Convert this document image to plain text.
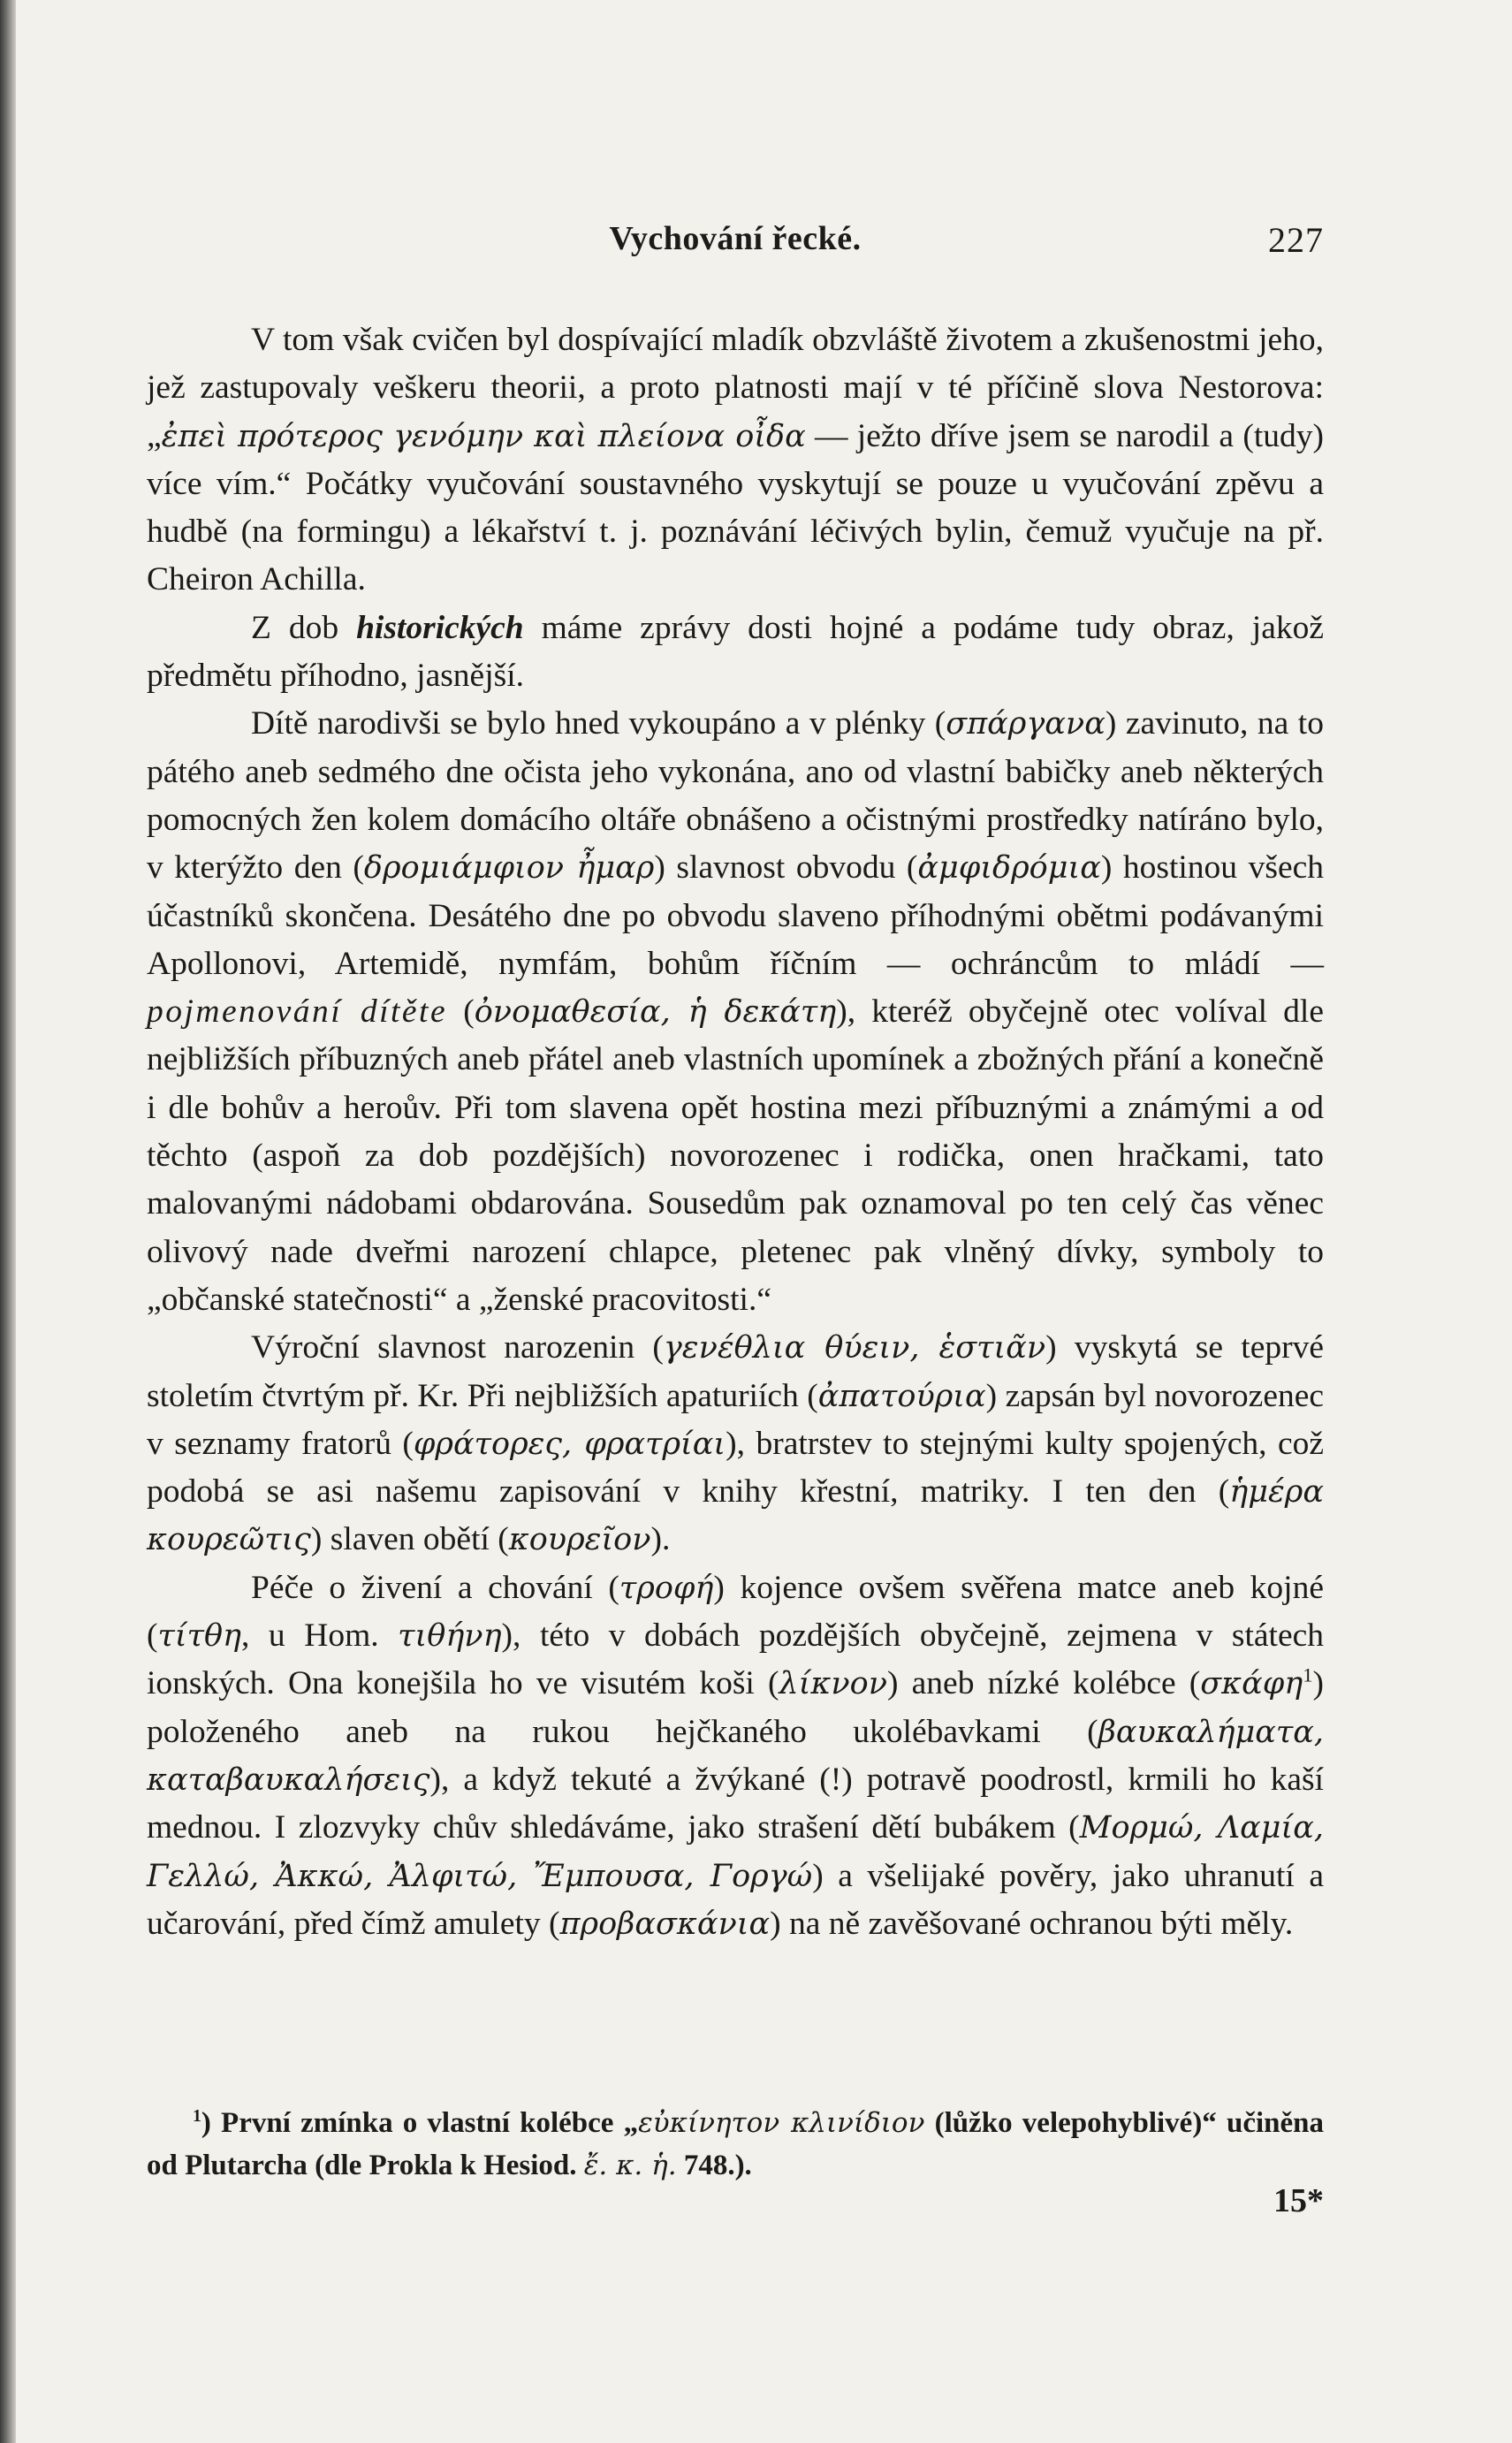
Vychování řecké.	227

V tom však cvičen byl dospívající mladík obzvláště životem a zkušenostmi jeho, jež zastupovaly veškeru theorii, a proto platnosti mají v té příčině slova Nestorova: „ἐπεὶ πρότερος γενόμην καὶ πλείονα οἶδα — ježto dříve jsem se narodil a (tudy) více vím.“ Počátky vyučování soustavného vyskytují se pouze u vyučování zpěvu a hudbě (na formingu) a lékařství t. j. poznávání léčivých bylin, čemuž vyučuje na př. Cheiron Achilla.

Z dob historických máme zprávy dosti hojné a podáme tudy obraz, jakož předmětu příhodno, jasnější.

Dítě narodivši se bylo hned vykoupáno a v plénky (σπάργανα) zavinuto, na to pátého aneb sedmého dne očista jeho vykonána, ano od vlastní babičky aneb některých pomocných žen kolem domácího oltáře obnášeno a očistnými prostředky natíráno bylo, v kterýžto den (δρομιάμφιον ἦμαρ) slavnost obvodu (ἀμφιδρόμια) hostinou všech účastníků skončena. Desátého dne po obvodu slaveno příhodnými obětmi podávanými Apollonovi, Artemidě, nymfám, bohům říčním — ochráncům to mládí — pojmenování dítěte (ὀνομαθεσία, ἡ δεκάτη), kteréž obyčejně otec volíval dle nejbližších příbuzných aneb přátel aneb vlastních upomínek a zbožných přání a konečně i dle bohův a heroův. Při tom slavena opět hostina mezi příbuznými a známými a od těchto (aspoň za dob pozdějších) novorozenec i rodička, onen hračkami, tato malovanými nádobami obdarována. Sousedům pak oznamoval po ten celý čas věnec olivový nade dveřmi narození chlapce, pletenec pak vlněný dívky, symboly to „občanské statečnosti“ a „ženské pracovitosti.“

Výroční slavnost narozenin (γενέθλια θύειν, ἑστιᾶν) vyskytá se teprvé stoletím čtvrtým př. Kr. Při nejbližších apaturiích (ἀπατούρια) zapsán byl novorozenec v seznamy fratorů (φράτορες, φρατρίαι), bratrstev to stejnými kulty spojených, což podobá se asi našemu zapisování v knihy křestní, matriky. I ten den (ἡμέρα κουρεῶτις) slaven obětí (κουρεῖον).

Péče o živení a chování (τροφή) kojence ovšem svěřena matce aneb kojné (τίτθη, u Hom. τιθήνη), této v dobách pozdějších obyčejně, zejmena v státech ionských. Ona konejšila ho ve visutém koši (λίκνον) aneb nízké kolébce (σκάφη$^1$) položeného aneb na rukou hejčkaného ukolébavkami (βαυκαλήματα, καταβαυκαλήσεις), a když tekuté a žvýkané (!) potravě poodrostl, krmili ho kaší mednou. I zlozvyky chův shledáváme, jako strašení dětí bubákem (Μορμώ, Λαμία, Γελλώ, Ἀκκώ, Ἀλφιτώ, Ἔμπουσα, Γοργώ) a všelijaké pověry, jako uhranutí a učarování, před čímž amulety (προβασκάνια) na ně zavěšované ochranou býti měly.

$^1$) První zmínka o vlastní kolébce „εὐκίνητον κλινίδιον (lůžko velepohyblivé)“ učiněna od Plutarcha (dle Prokla k Hesiod. ἔ. κ. ἡ. 748.).

15*
